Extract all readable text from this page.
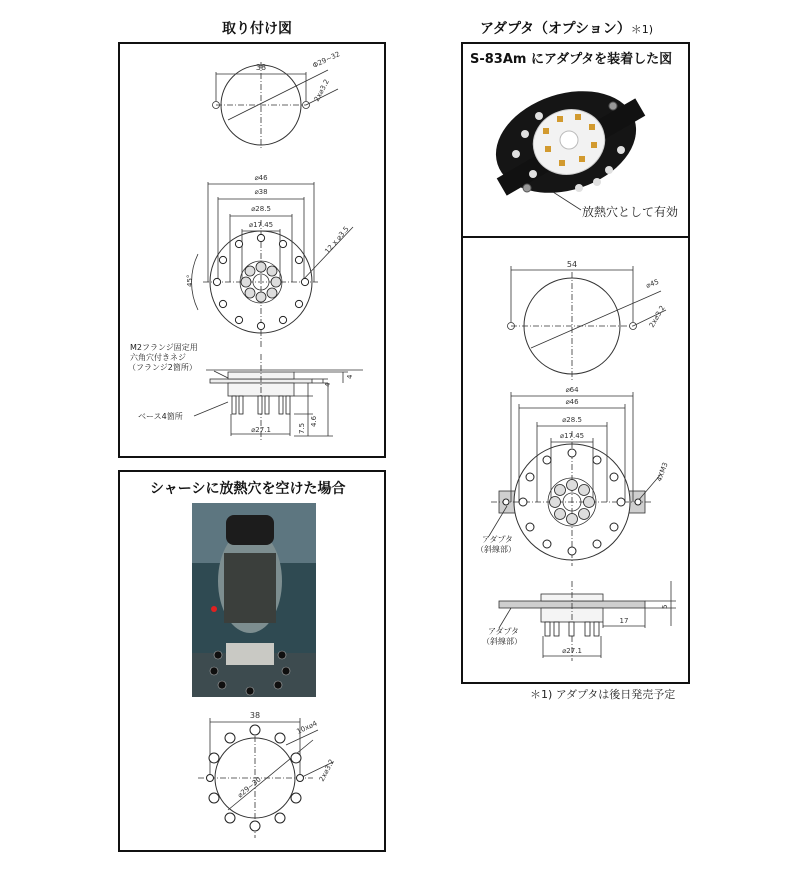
取り付け図	アダプタ（オプション）＊1)
S-83Am にアダプタを装着した図
シャーシに放熱穴を空けた場合
＊1) アダプタは後日発売予定
38	Φ29~32
2x⌀3.2
⌀46
⌀38
⌀28.5
⌀17.45	12 x ⌀3.5
45°
⌀27.1
4
4
7.5
4.6
M2フランジ固定用
六角穴付きネジ
（フランジ2箇所）
ベース4箇所
放熱穴として有効
54
⌀45
2x⌀3.2
⌀64
⌀46
⌀28.5
⌀17.45
4XM3
5
17
⌀27.1
アダプタ
（斜線部）
アダプタ
（斜線部）
38
10x⌀4
⌀29~30
2x⌀3.2
